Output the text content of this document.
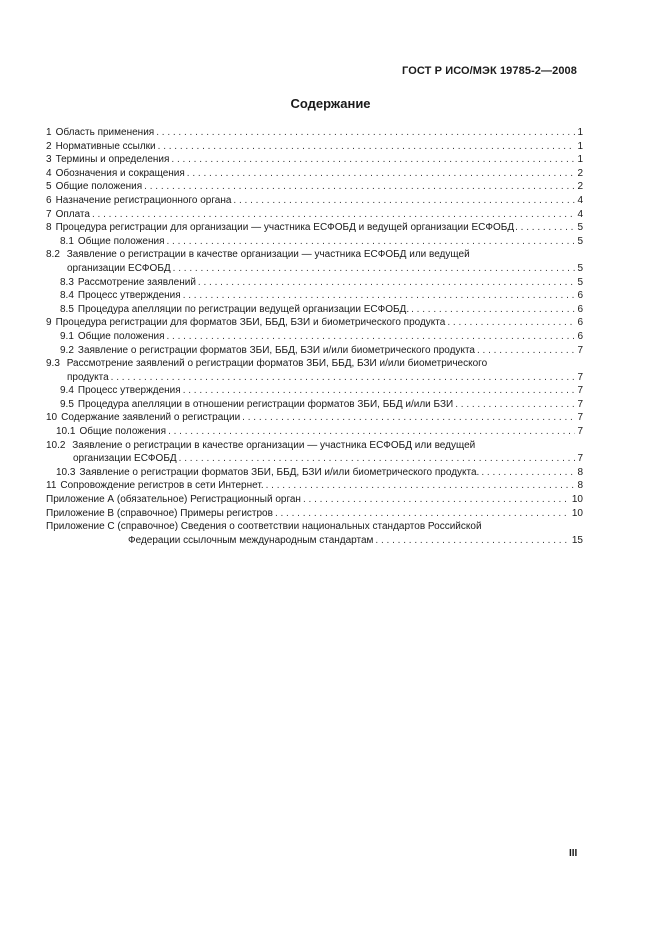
ГОСТ Р ИСО/МЭК 19785-2—2008
Содержание
1 Область применения . . .	1
2 Нормативные ссылки . . .	1
3 Термины и определения . . .	1
4 Обозначения и сокращения . . .	2
5 Общие положения . . .	2
6 Назначение регистрационного органа . . .	4
7 Оплата . . .	4
8 Процедура регистрации для организации — участника ЕСФОБД и ведущей организации ЕСФОБД . . .	5
8.1 Общие положения . . .	5
8.2 Заявление о регистрации в качестве организации — участника ЕСФОБД или ведущей
организации ЕСФОБД . . .	5
8.3 Рассмотрение заявлений . . .	5
8.4 Процесс утверждения . . .	6
8.5 Процедура апелляции по регистрации ведущей организации ЕСФОБД. . . .	6
9 Процедура регистрации для форматов ЗБИ, ББД, БЗИ и биометрического продукта . . .	6
9.1 Общие положения . . .	6
9.2 Заявление о регистрации форматов ЗБИ, ББД, БЗИ и/или биометрического продукта . . .	7
9.3 Рассмотрение заявлений о регистрации форматов ЗБИ, ББД, БЗИ и/или биометрического
продукта . . .	7
9.4 Процесс утверждения . . .	7
9.5 Процедура апелляции в отношении регистрации форматов ЗБИ, ББД и/или БЗИ . . .	7
10 Содержание заявлений о регистрации . . .	7
10.1 Общие положения . . .	7
10.2 Заявление о регистрации в качестве организации — участника ЕСФОБД или ведущей
организации ЕСФОБД . . .	7
10.3 Заявление о регистрации форматов ЗБИ, ББД, БЗИ и/или биометрического продукта. . . .	8
11 Сопровождение регистров в сети Интернет. . . .	8
Приложение А (обязательное) Регистрационный орган . . .	10
Приложение В (справочное) Примеры регистров . . .	10
Приложение С (справочное) Сведения о соответствии национальных стандартов Российской
Федерации ссылочным международным стандартам . . .	15
III
